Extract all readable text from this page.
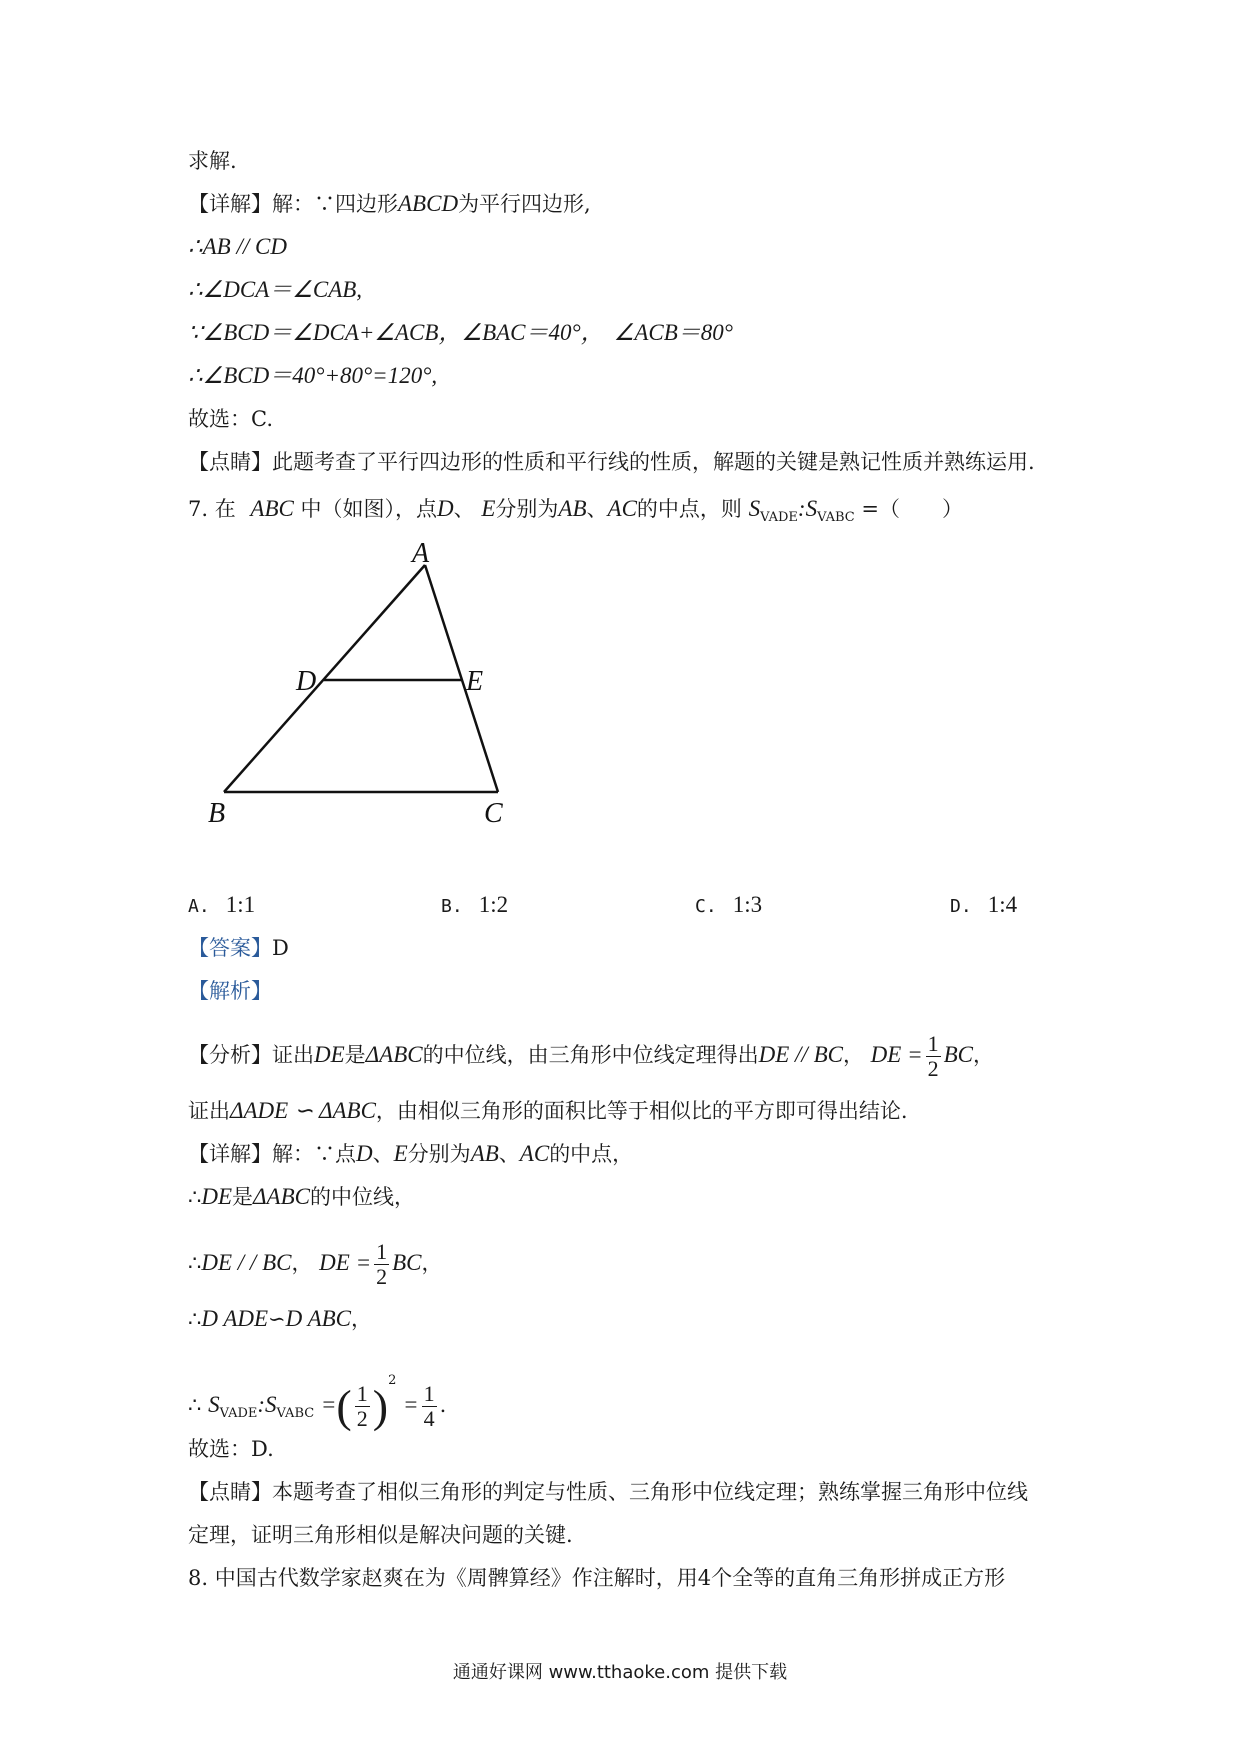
求解.
【详解】解：∵四边形ABCD为平行四边形,
∴AB // CD
∴∠DCA＝∠CAB,
∵∠BCD＝∠DCA+∠ACB，∠BAC＝40°， ∠ACB＝80°
∴∠BCD＝40°+80°=120°,
故选：C.
【点睛】此题考查了平行四边形的性质和平行线的性质，解题的关键是熟记性质并熟练运用.
7. 在 ABC 中（如图），点D、 E分别为AB、AC的中点，则 $S_{VADE}:S_{VABC}$ =（　　）
A
D	E
B	C
A. 1:1	B. 1:2	C. 1:3	D. 1:4
【答案】D
【解析】
【分析】证出DE是ΔABC的中位线，由三角形中位线定理得出DE // BC， DE = $\frac{1}{2}$ BC，
证出ΔADE ∽ ΔABC，由相似三角形的面积比等于相似比的平方即可得出结论.
【详解】解：∵点D、E分别为AB、AC的中点，
∴DE是ΔABC的中位线，
∴DE / / BC， DE = $\frac{1}{2}$ BC，
∴D ADE∽D ABC，
∴ $S_{VADE}:S_{VABC}$ =( $\frac{1}{2} )^2 = \frac{1}{4}$ .
故选：D.
【点睛】本题考查了相似三角形的判定与性质、三角形中位线定理；熟练掌握三角形中位线
定理，证明三角形相似是解决问题的关键.
8. 中国古代数学家赵爽在为《周髀算经》作注解时，用4个全等的直角三角形拼成正方形
通通好课网 www.tthaoke.com 提供下载
